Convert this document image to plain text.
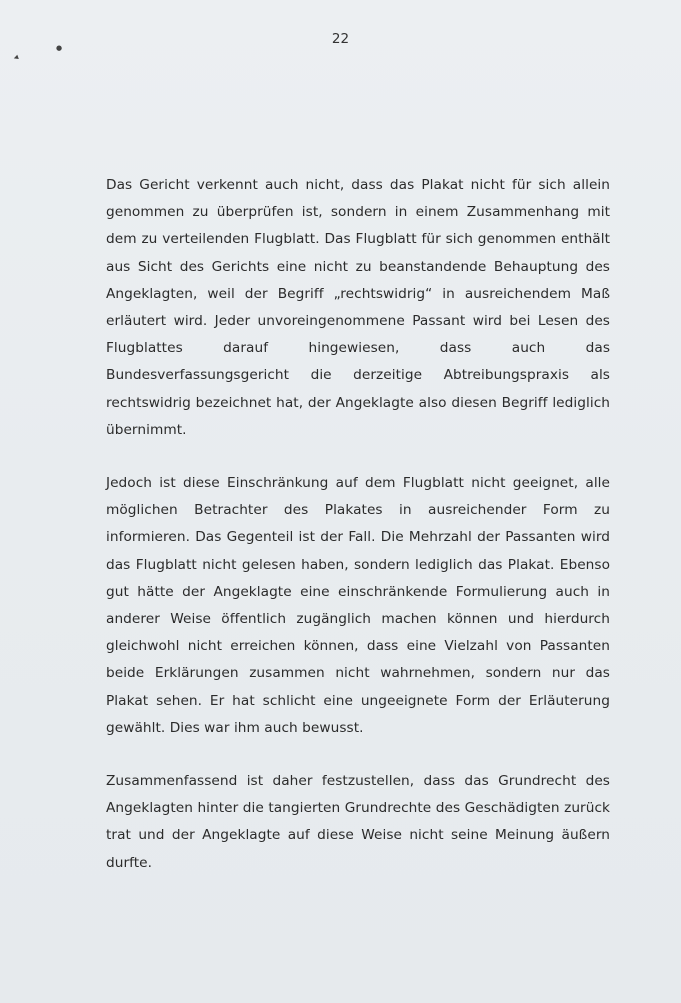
◂
●
22

Das Gericht verkennt auch nicht, dass das Plakat nicht für sich allein genommen zu überprüfen ist, sondern in einem Zusammenhang mit dem zu verteilenden Flugblatt. Das Flugblatt für sich genommen enthält aus Sicht des Gerichts eine nicht zu beanstandende Behauptung des Angeklagten, weil der Begriff „rechtswidrig“ in ausreichendem Maß erläutert wird. Jeder unvoreingenommene Passant wird bei Lesen des Flugblattes darauf hingewiesen, dass auch das Bundesverfassungsgericht die derzeitige Abtreibungspraxis als rechtswidrig bezeichnet hat, der Angeklagte also diesen Begriff lediglich übernimmt.

Jedoch ist diese Einschränkung auf dem Flugblatt nicht geeignet, alle möglichen Betrachter des Plakates in ausreichender Form zu informieren. Das Gegenteil ist der Fall. Die Mehrzahl der Passanten wird das Flugblatt nicht gelesen haben, sondern lediglich das Plakat. Ebenso gut hätte der Angeklagte eine einschränkende Formulierung auch in anderer Weise öffentlich zugänglich machen können und hierdurch gleichwohl nicht erreichen können, dass eine Vielzahl von Passanten beide Erklärungen zusammen nicht wahrnehmen, sondern nur das Plakat sehen. Er hat schlicht eine ungeeignete Form der Erläuterung gewählt. Dies war ihm auch bewusst.

Zusammenfassend ist daher festzustellen, dass das Grundrecht des Angeklagten hinter die tangierten Grundrechte des Geschädigten zurück trat und der Angeklagte auf diese Weise nicht seine Meinung äußern durfte.
